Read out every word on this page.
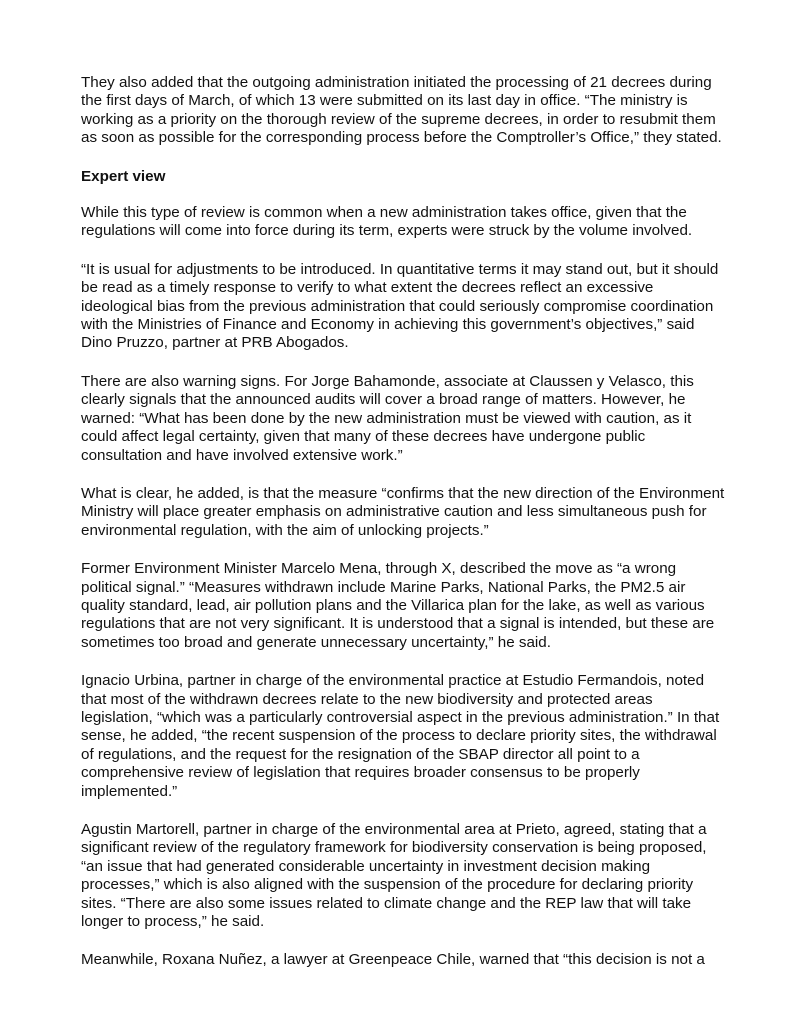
They also added that the outgoing administration initiated the processing of 21 decrees during the first days of March, of which 13 were submitted on its last day in office. “The ministry is working as a priority on the thorough review of the supreme decrees, in order to resubmit them as soon as possible for the corresponding process before the Comptroller’s Office,” they stated.

Expert view

While this type of review is common when a new administration takes office, given that the regulations will come into force during its term, experts were struck by the volume involved.

“It is usual for adjustments to be introduced. In quantitative terms it may stand out, but it should be read as a timely response to verify to what extent the decrees reflect an excessive ideological bias from the previous administration that could seriously compromise coordination with the Ministries of Finance and Economy in achieving this government’s objectives,” said Dino Pruzzo, partner at PRB Abogados.

There are also warning signs. For Jorge Bahamonde, associate at Claussen y Velasco, this clearly signals that the announced audits will cover a broad range of matters. However, he warned: “What has been done by the new administration must be viewed with caution, as it could affect legal certainty, given that many of these decrees have undergone public consultation and have involved extensive work.”

What is clear, he added, is that the measure “confirms that the new direction of the Environment Ministry will place greater emphasis on administrative caution and less simultaneous push for environmental regulation, with the aim of unlocking projects.”

Former Environment Minister Marcelo Mena, through X, described the move as “a wrong political signal.” “Measures withdrawn include Marine Parks, National Parks, the PM2.5 air quality standard, lead, air pollution plans and the Villarica plan for the lake, as well as various regulations that are not very significant. It is understood that a signal is intended, but these are sometimes too broad and generate unnecessary uncertainty,” he said.

Ignacio Urbina, partner in charge of the environmental practice at Estudio Fermandois, noted that most of the withdrawn decrees relate to the new biodiversity and protected areas legislation, “which was a particularly controversial aspect in the previous administration.” In that sense, he added, “the recent suspension of the process to declare priority sites, the withdrawal of regulations, and the request for the resignation of the SBAP director all point to a comprehensive review of legislation that requires broader consensus to be properly implemented.”

Agustin Martorell, partner in charge of the environmental area at Prieto, agreed, stating that a significant review of the regulatory framework for biodiversity conservation is being proposed, “an issue that had generated considerable uncertainty in investment decision making processes,” which is also aligned with the suspension of the procedure for declaring priority sites. “There are also some issues related to climate change and the REP law that will take longer to process,” he said.

Meanwhile, Roxana Nuñez, a lawyer at Greenpeace Chile, warned that “this decision is not a
